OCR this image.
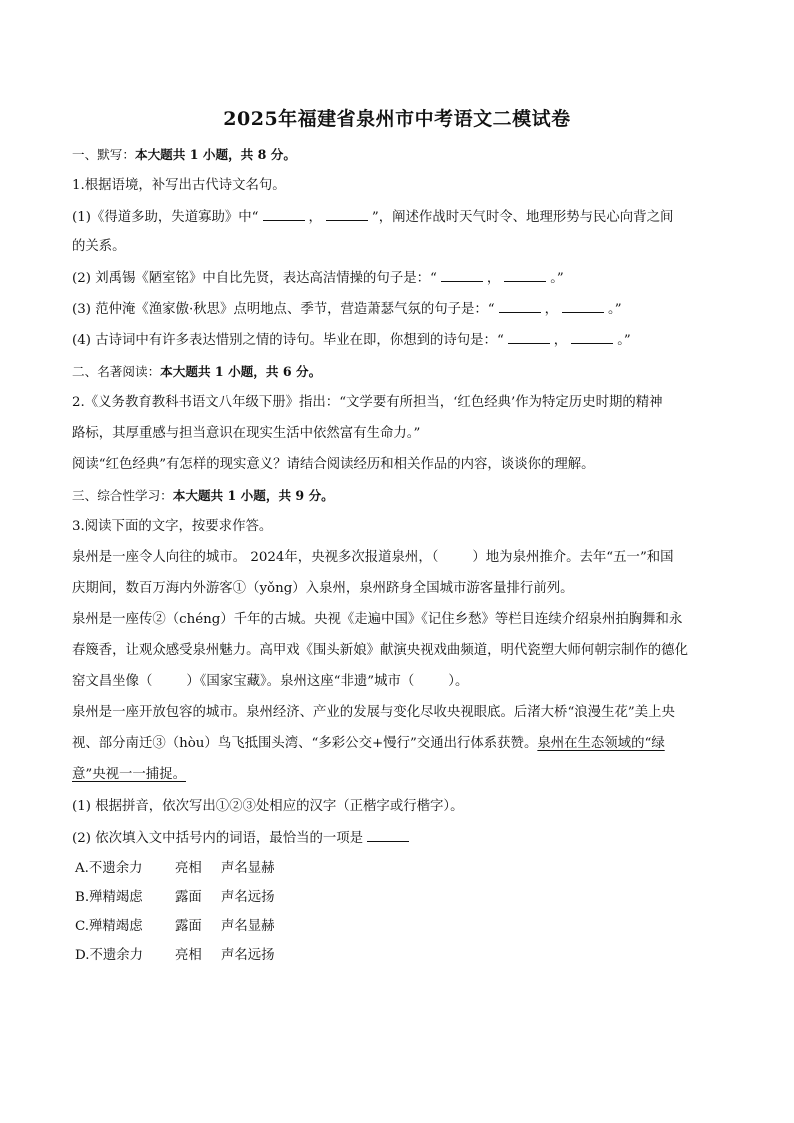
2025年福建省泉州市中考语文二模试卷
一、默写：本大题共 1 小题，共 8 分。
1.根据语境，补写出古代诗文名句。
(1)《得道多助，失道寡助》中“	，	”，阐述作战时天气时令、地理形势与民心向背之间
的关系。
(2) 刘禹锡《陋室铭》中自比先贤，表达高洁情操的句子是：“	，	。”
(3) 范仲淹《渔家傲·秋思》点明地点、季节，营造萧瑟气氛的句子是：“	，	。”
(4) 古诗词中有许多表达惜别之情的诗句。毕业在即，你想到的诗句是：“	，	。”
二、名著阅读：本大题共 1 小题，共 6 分。
2.《义务教育教科书语文八年级下册》指出：“文学要有所担当，‘红色经典’作为特定历史时期的精神
路标，其厚重感与担当意识在现实生活中依然富有生命力。”
阅读“红色经典”有怎样的现实意义？请结合阅读经历和相关作品的内容，谈谈你的理解。
三、综合性学习：本大题共 1 小题，共 9 分。
3.阅读下面的文字，按要求作答。
泉州是一座令人向往的城市。 2024年，央视多次报道泉州，（	）地为泉州推介。去年“五一”和国
庆期间，数百万海内外游客①（yǒng）入泉州，泉州跻身全国城市游客量排行前列。
泉州是一座传②（chéng）千年的古城。央视《走遍中国》《记住乡愁》等栏目连续介绍泉州拍胸舞和永
春篾香，让观众感受泉州魅力。高甲戏《围头新娘》献演央视戏曲频道，明代瓷塑大师何朝宗制作的德化
窑文昌坐像（	）《国家宝藏》。泉州这座“非遗”城市（	）。
泉州是一座开放包容的城市。泉州经济、产业的发展与变化尽收央视眼底。后渚大桥“浪漫生花”美上央
视、部分南迁③（hòu）鸟飞抵围头湾、“多彩公交+慢行”交通出行体系获赞。泉州在生态领域的“绿
意”央视一一捕捉。
(1) 根据拼音，依次写出①②③处相应的汉字（正楷字或行楷字）。
(2) 依次填入文中括号内的词语，最恰当的一项是
A.不遗余力 亮相 声名显赫
B.殚精竭虑 露面 声名远扬
C.殚精竭虑 露面 声名显赫
D.不遗余力 亮相 声名远扬
